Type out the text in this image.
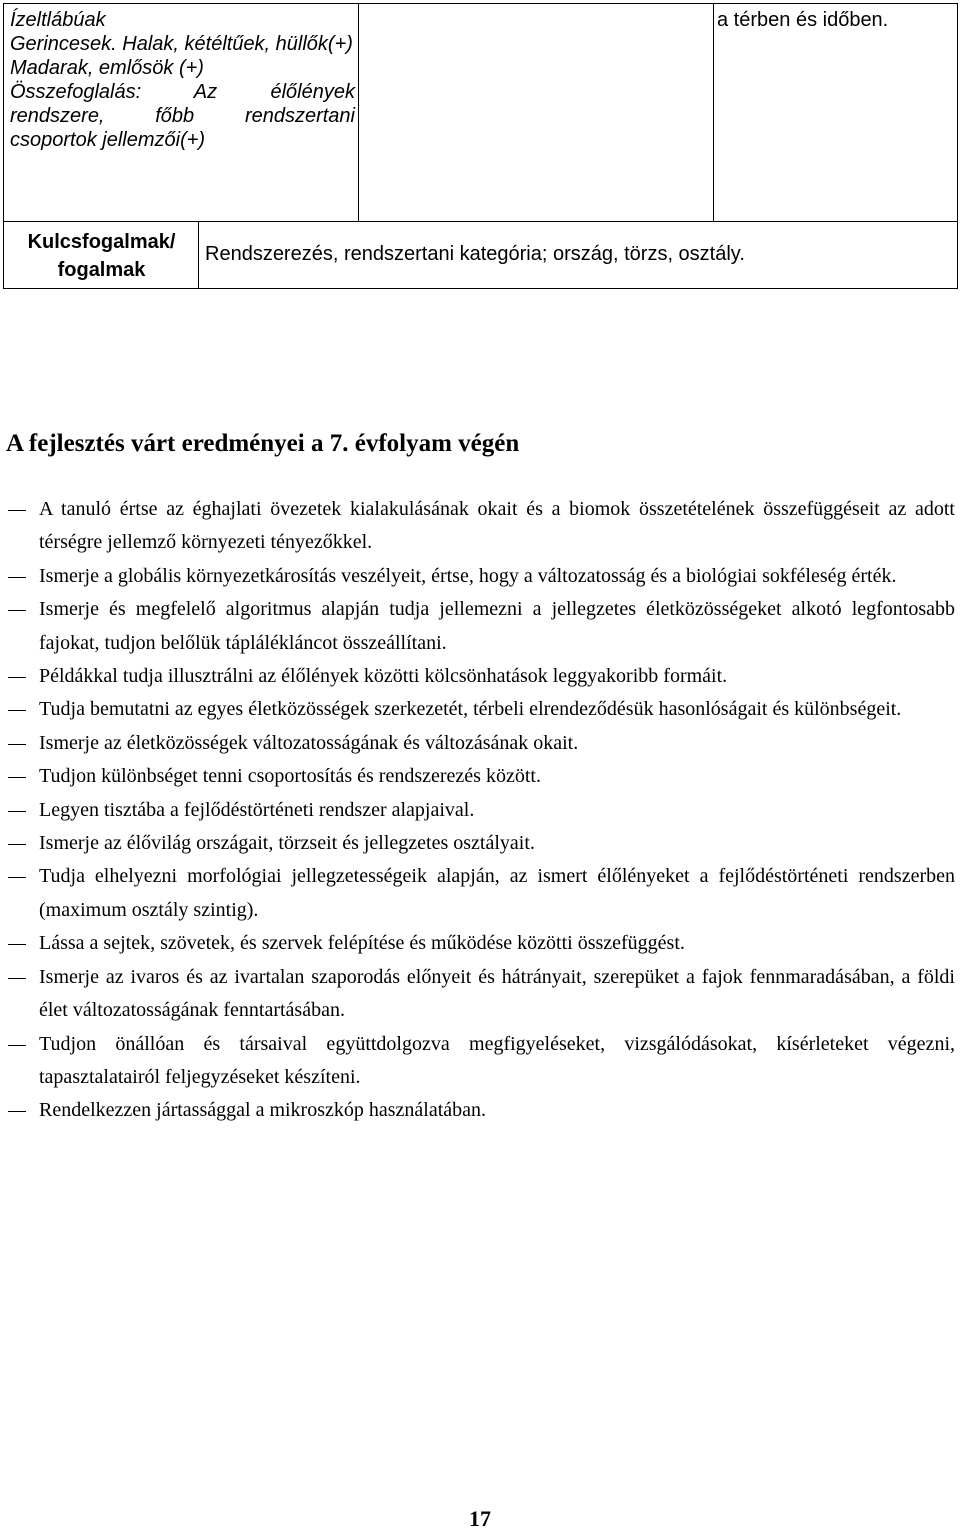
Ízeltlábúak
Gerincesek. Halak, kétéltűek, hüllők(+)
Madarak, emlősök (+)
Összefoglalás: Az élőlények rendszere, főbb rendszertani csoportok jellemzői(+)
a térben és időben.
Kulcsfogalmak/
fogalmak
Rendszerezés, rendszertani kategória; ország, törzs, osztály.
A fejlesztés várt eredményei a 7. évfolyam végén
A tanuló értse az éghajlati övezetek kialakulásának okait és a biomok összetételének összefüggéseit az adott térségre jellemző környezeti tényezőkkel.
Ismerje a globális környezetkárosítás veszélyeit, értse, hogy a változatosság és a biológiai sokféleség érték.
Ismerje és megfelelő algoritmus alapján tudja jellemezni a jellegzetes életközösségeket alkotó legfontosabb fajokat, tudjon belőlük táplálékláncot összeállítani.
Példákkal tudja illusztrálni az élőlények közötti kölcsönhatások leggyakoribb formáit.
Tudja bemutatni az egyes életközösségek szerkezetét, térbeli elrendeződésük hasonlóságait és különbségeit.
Ismerje az életközösségek változatosságának és változásának okait.
Tudjon különbséget tenni csoportosítás és rendszerezés között.
Legyen tisztába a fejlődéstörténeti rendszer alapjaival.
Ismerje az élővilág országait, törzseit és jellegzetes osztályait.
Tudja elhelyezni morfológiai jellegzetességeik alapján, az ismert élőlényeket a fejlődéstörténeti rendszerben (maximum osztály szintig).
Lássa a sejtek, szövetek, és szervek felépítése és működése közötti összefüggést.
Ismerje az ivaros és az ivartalan szaporodás előnyeit és hátrányait, szerepüket a fajok fennmaradásában, a földi élet változatosságának fenntartásában.
Tudjon önállóan és társaival együttdolgozva megfigyeléseket, vizsgálódásokat, kísérleteket végezni, tapasztalatairól feljegyzéseket készíteni.
Rendelkezzen jártassággal a mikroszkóp használatában.
17
